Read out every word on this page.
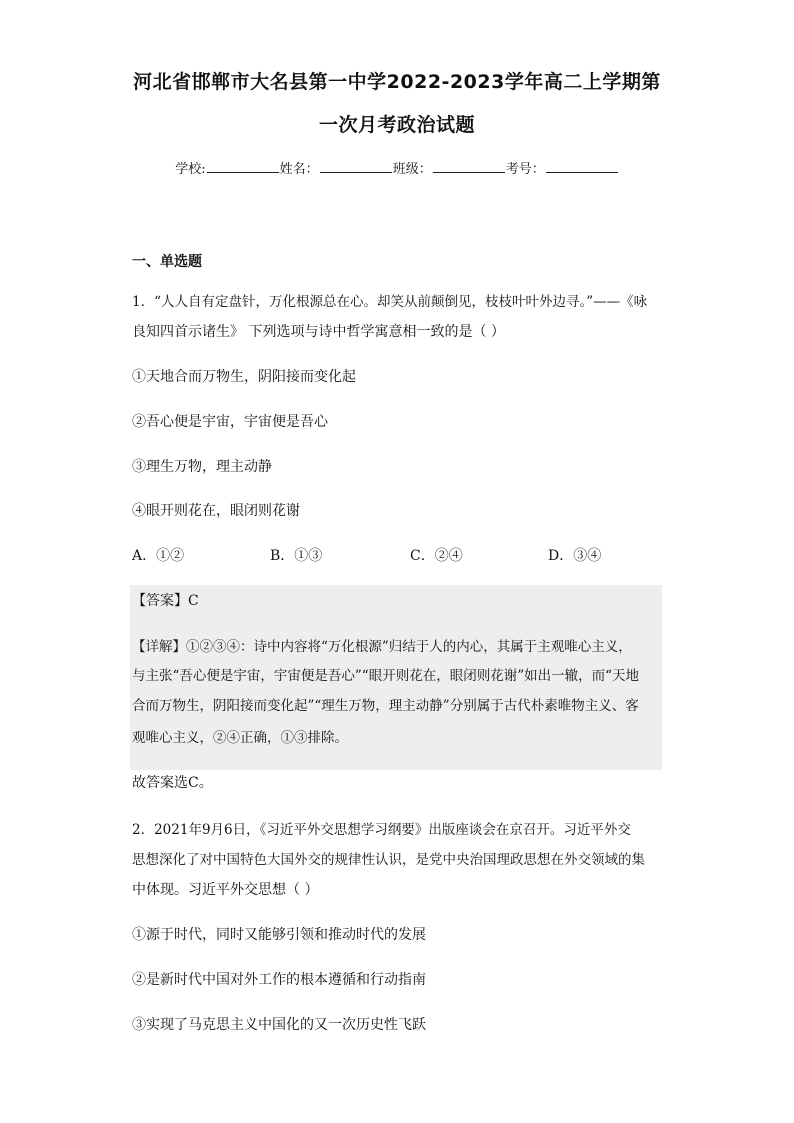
河北省邯郸市大名县第一中学2022-2023学年高二上学期第
一次月考政治试题
学校:	姓名：	班级：	考号：
一、单选题
1．“人人自有定盘针，万化根源总在心。却笑从前颠倒见，枝枝叶叶外边寻。”——《咏
良知四首示诸生》 下列选项与诗中哲学寓意相一致的是（ ）
①天地合而万物生，阴阳接而变化起
②吾心便是宇宙，宇宙便是吾心
③理生万物，理主动静
④眼开则花在，眼闭则花谢
A．①②	B．①③	C．②④	D．③④
【答案】C
【详解】①②③④：诗中内容将“万化根源”归结于人的内心，其属于主观唯心主义，
与主张“吾心便是宇宙，宇宙便是吾心”“眼开则花在，眼闭则花谢”如出一辙，而“天地
合而万物生，阴阳接而变化起”“理生万物，理主动静”分别属于古代朴素唯物主义、客
观唯心主义，②④正确，①③排除。
故答案选C。
2．2021年9月6日，《习近平外交思想学习纲要》出版座谈会在京召开。习近平外交
思想深化了对中国特色大国外交的规律性认识，是党中央治国理政思想在外交领域的集
中体现。习近平外交思想（ ）
①源于时代，同时又能够引领和推动时代的发展
②是新时代中国对外工作的根本遵循和行动指南
③实现了马克思主义中国化的又一次历史性飞跃
